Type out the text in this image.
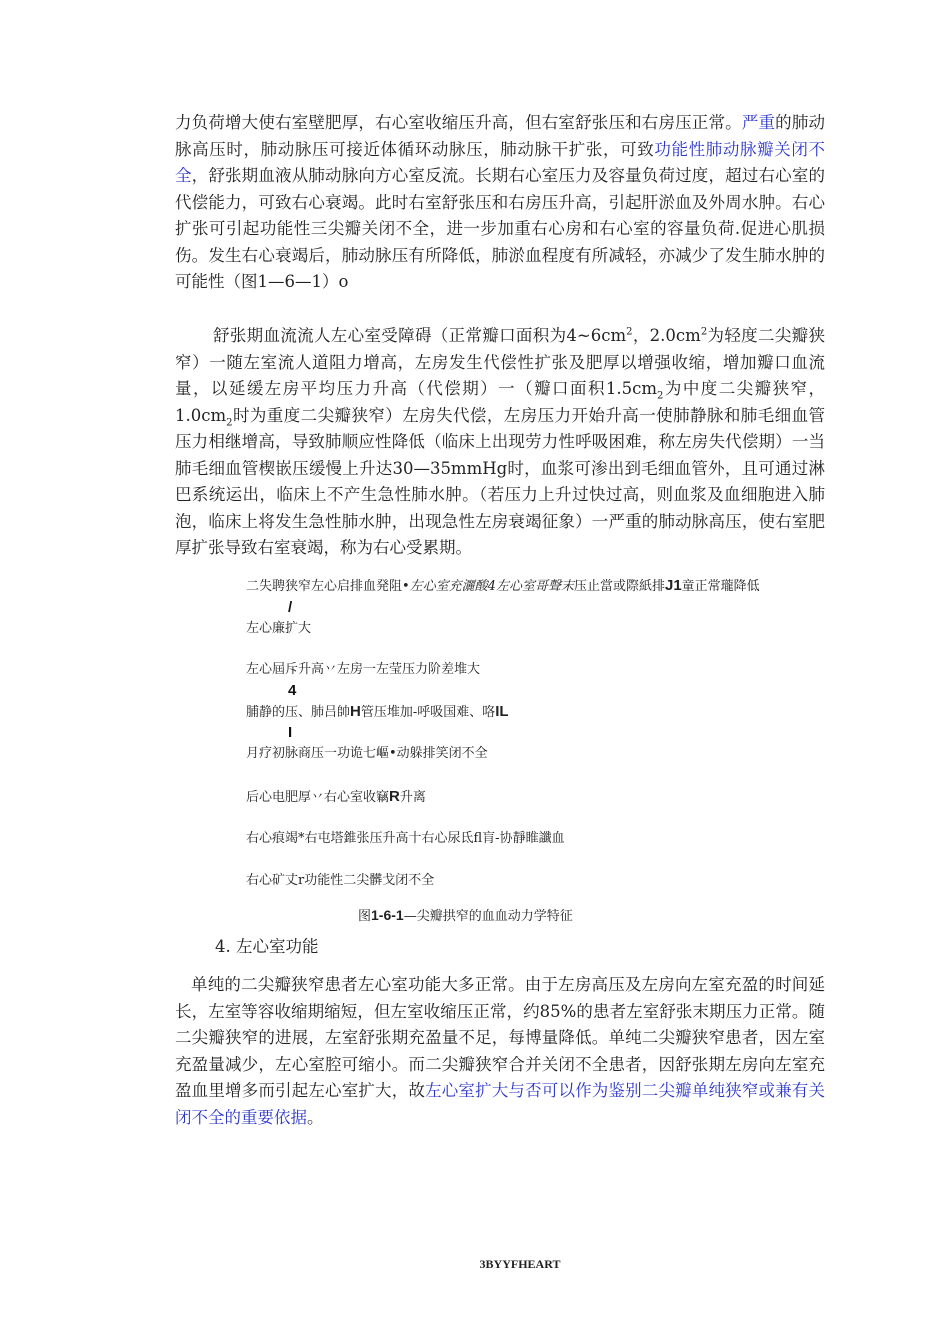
力负荷增大使右室壁肥厚，右心室收缩压升高，但右室舒张压和右房压正常。严重的肺动脉高压时，肺动脉压可接近体循环动脉压，肺动脉干扩张，可致功能性肺动脉瓣关闭不全，舒张期血液从肺动脉向方心室反流。长期右心室压力及容量负荷过度，超过右心室的代偿能力，可致右心衰竭。此时右室舒张压和右房压升高，引起肝淤血及外周水肿。右心扩张可引起功能性三尖瓣关闭不全，进一步加重右心房和右心室的容量负荷.促进心肌损伤。发生右心衰竭后，肺动脉压有所降低，肺淤血程度有所减轻，亦减少了发生肺水肿的可能性（图1—6—1）o

舒张期血流流人左心室受障碍（正常瓣口面积为$4\sim 6cm^2$，$2.0cm^2$为轻度二尖瓣狭窄）一随左室流人道阻力增高，左房发生代偿性扩张及肥厚以增强收缩，增加瓣口血流量，以延缓左房平均压力升高（代偿期）一（瓣口面积$1.5cm_2$为中度二尖瓣狭窄，$1.0cm_2$时为重度二尖瓣狭窄）左房失代偿，左房压力开始升高一使肺静脉和肺毛细血管压力相继增高，导致肺顺应性降低（临床上出现劳力性呼吸困难，称左房失代偿期）一当肺毛细血管楔嵌压缓慢上升达30—35mmHg时，血浆可渗出到毛细血管外，且可通过淋巴系统运出，临床上不产生急性肺水肿。（若压力上升过快过高，则血浆及血细胞进入肺泡，临床上将发生急性肺水肿，出现急性左房衰竭征象）一严重的肺动脉高压，使右室肥厚扩张导致右室衰竭，称为右心受累期。

二失聘狭窄左心启排血発阻•左心室充灑酸4左心室哥聲末压止當或際紙排J1童正常瓏降低
/
左心廉扩大
左心屆斥升高丷左房一左莹压力阶差堆大
4
脯静的压、肺吕帥H管压堆加-呼吸国难、咯IL
I
月疗初脉商压一功诡七嶇•动躲排笑闭不全
后心电肥厚丷右心室收竊R升离
右心痕竭*右屯塔錐张压升高十右心尿氐fl肓-协靜睢讖血
右心矿丈r功能性二尖髒戈闭不全
图1-6-1—尖瓣拱窄的血血动力学特征
4. 左心室功能

单纯的二尖瓣狭窄患者左心室功能大多正常。由于左房高压及左房向左室充盈的时间延长，左室等容收缩期缩短，但左室收缩压正常，约85%的患者左室舒张末期压力正常。随二尖瓣狭窄的进展，左室舒张期充盈量不足，每博量降低。单纯二尖瓣狭窄患者，因左室充盈量减少，左心室腔可缩小。而二尖瓣狭窄合并关闭不全患者，因舒张期左房向左室充盈血里增多而引起左心室扩大，故左心室扩大与否可以作为鉴别二尖瓣单纯狭窄或兼有关闭不全的重要依据。

3BYYFHEART
